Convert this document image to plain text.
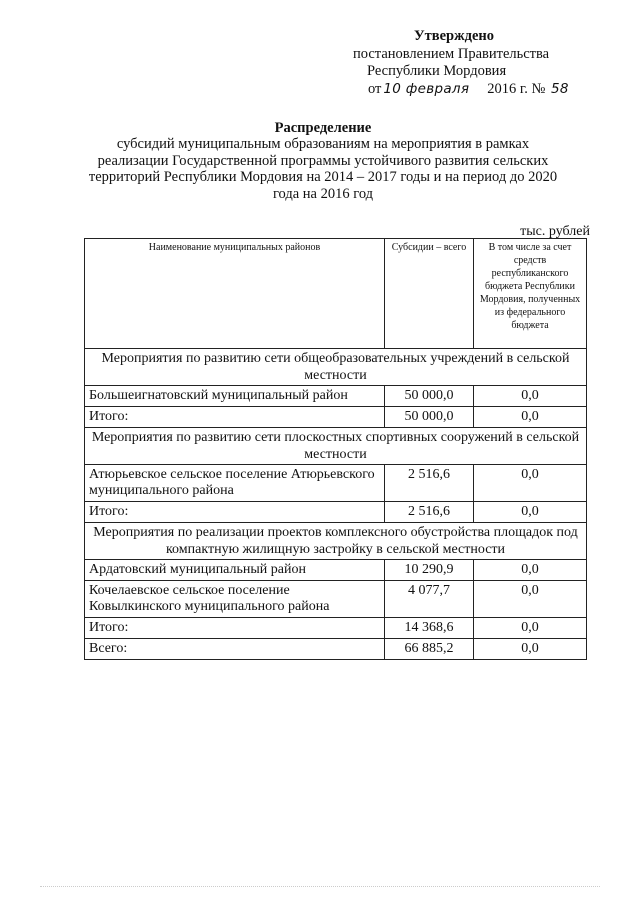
Утверждено
постановлением Правительства
Республики Мордовия
от 10 февраля 2016 г. № 58
Распределение
субсидий муниципальным образованиям на мероприятия в рамках
реализации Государственной программы устойчивого развития сельских
территорий Республики Мордовия на 2014 – 2017 годы и на период до 2020
года на 2016 год
тыс. рублей
Наименование муниципальных районов	Субсидии – всего	В том числе за счет средств республиканского бюджета Республики Мордовия, полученных из федерального бюджета
Мероприятия по развитию сети общеобразовательных учреждений в сельской местности		
Большеигнатовский муниципальный район	50 000,0	0,0
Итого:	50 000,0	0,0
Мероприятия по развитию сети плоскостных спортивных сооружений в сельской местности		
Атюрьевское сельское поселение Атюрьевского муниципального района	2 516,6	0,0
Итого:	2 516,6	0,0
Мероприятия по реализации проектов комплексного обустройства площадок под компактную жилищную застройку в сельской местности		
Ардатовский муниципальный район	10 290,9	0,0
Кочелаевское сельское поселение Ковылкинского муниципального района	4 077,7	0,0
Итого:	14 368,6	0,0
Всего:	66 885,2	0,0
